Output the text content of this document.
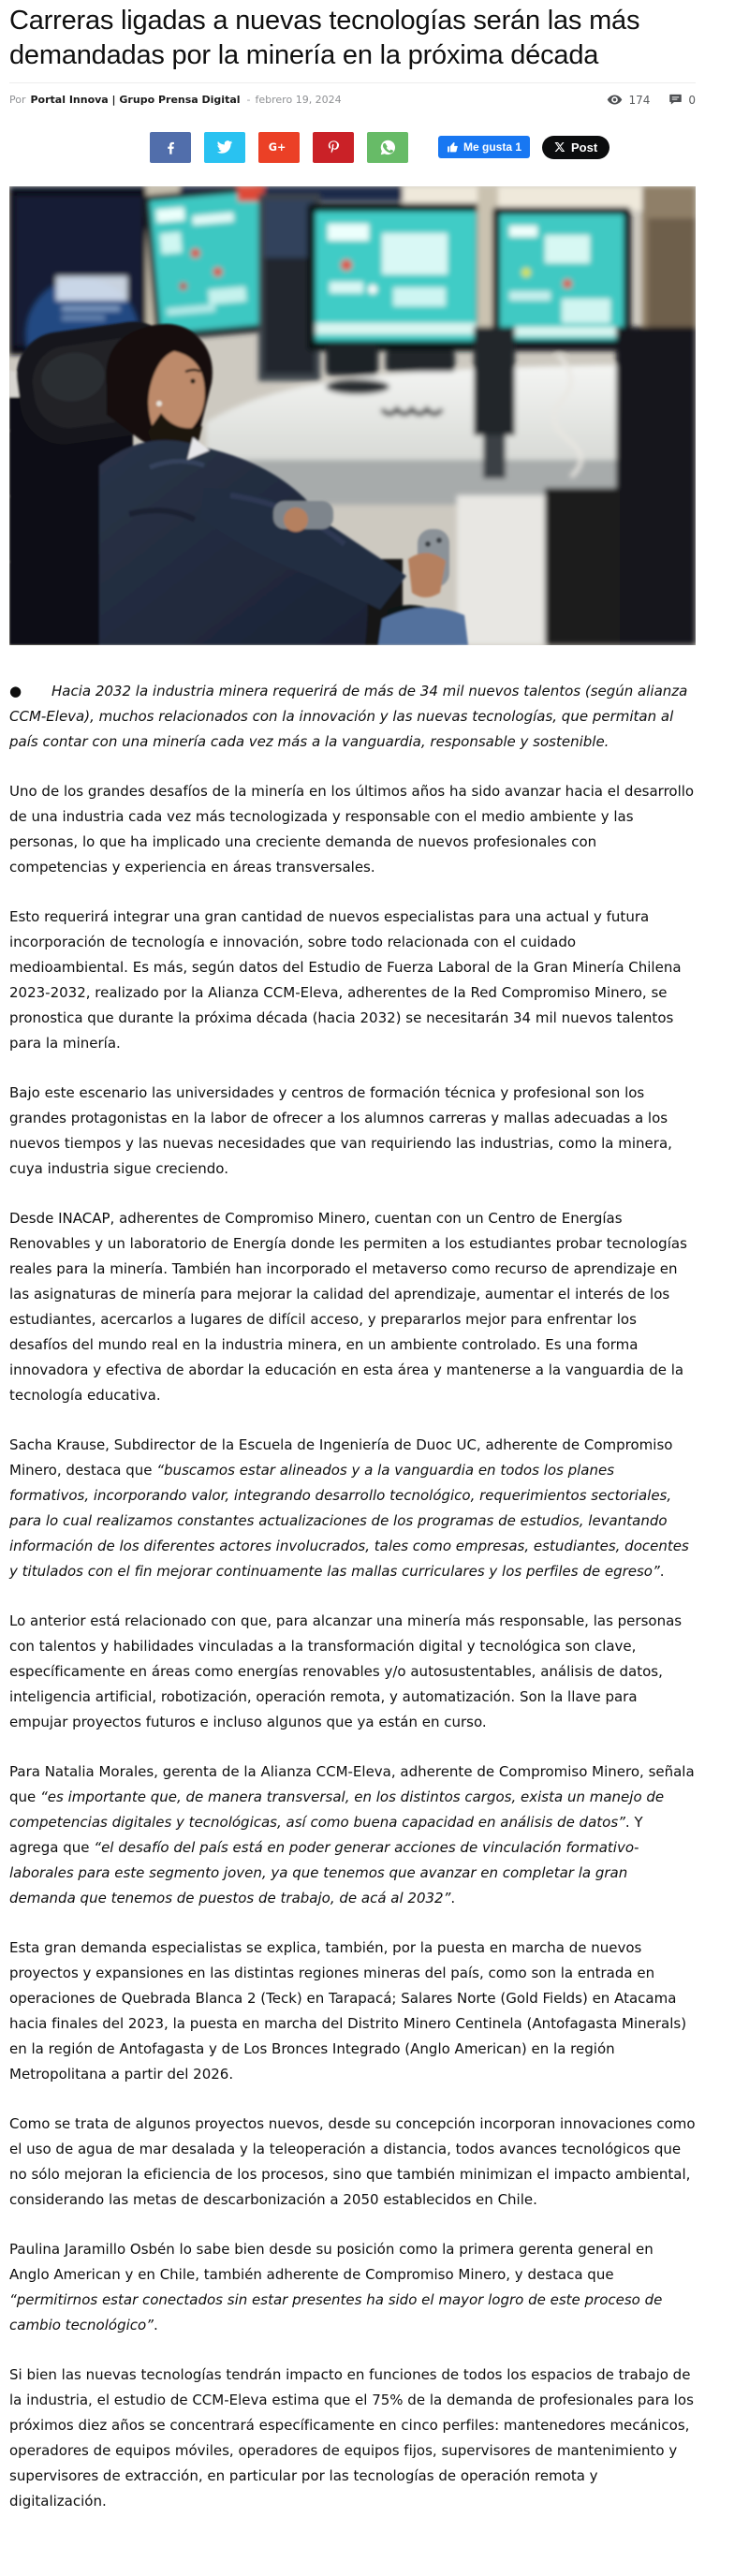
Carreras ligadas a nuevas tecnologías serán las más demandadas por la minería en la próxima década
Por Portal Innova | Grupo Prensa Digital - febrero 19, 2024	174	0
G+	Me gusta 1	Post

● Hacia 2032 la industria minera requerirá de más de 34 mil nuevos talentos (según alianza CCM-Eleva), muchos relacionados con la innovación y las nuevas tecnologías, que permitan al país contar con una minería cada vez más a la vanguardia, responsable y sostenible.

Uno de los grandes desafíos de la minería en los últimos años ha sido avanzar hacia el desarrollo de una industria cada vez más tecnologizada y responsable con el medio ambiente y las personas, lo que ha implicado una creciente demanda de nuevos profesionales con competencias y experiencia en áreas transversales.

Esto requerirá integrar una gran cantidad de nuevos especialistas para una actual y futura incorporación de tecnología e innovación, sobre todo relacionada con el cuidado medioambiental. Es más, según datos del Estudio de Fuerza Laboral de la Gran Minería Chilena 2023-2032, realizado por la Alianza CCM-Eleva, adherentes de la Red Compromiso Minero, se pronostica que durante la próxima década (hacia 2032) se necesitarán 34 mil nuevos talentos para la minería.

Bajo este escenario las universidades y centros de formación técnica y profesional son los grandes protagonistas en la labor de ofrecer a los alumnos carreras y mallas adecuadas a los nuevos tiempos y las nuevas necesidades que van requiriendo las industrias, como la minera, cuya industria sigue creciendo.

Desde INACAP, adherentes de Compromiso Minero, cuentan con un Centro de Energías Renovables y un laboratorio de Energía donde les permiten a los estudiantes probar tecnologías reales para la minería. También han incorporado el metaverso como recurso de aprendizaje en las asignaturas de minería para mejorar la calidad del aprendizaje, aumentar el interés de los estudiantes, acercarlos a lugares de difícil acceso, y prepararlos mejor para enfrentar los desafíos del mundo real en la industria minera, en un ambiente controlado. Es una forma innovadora y efectiva de abordar la educación en esta área y mantenerse a la vanguardia de la tecnología educativa.

Sacha Krause, Subdirector de la Escuela de Ingeniería de Duoc UC, adherente de Compromiso Minero, destaca que “buscamos estar alineados y a la vanguardia en todos los planes formativos, incorporando valor, integrando desarrollo tecnológico, requerimientos sectoriales, para lo cual realizamos constantes actualizaciones de los programas de estudios, levantando información de los diferentes actores involucrados, tales como empresas, estudiantes, docentes y titulados con el fin mejorar continuamente las mallas curriculares y los perfiles de egreso”.

Lo anterior está relacionado con que, para alcanzar una minería más responsable, las personas con talentos y habilidades vinculadas a la transformación digital y tecnológica son clave, específicamente en áreas como energías renovables y/o autosustentables, análisis de datos, inteligencia artificial, robotización, operación remota, y automatización. Son la llave para empujar proyectos futuros e incluso algunos que ya están en curso.

Para Natalia Morales, gerenta de la Alianza CCM-Eleva, adherente de Compromiso Minero, señala que “es importante que, de manera transversal, en los distintos cargos, exista un manejo de competencias digitales y tecnológicas, así como buena capacidad en análisis de datos”. Y agrega que “el desafío del país está en poder generar acciones de vinculación formativo-laborales para este segmento joven, ya que tenemos que avanzar en completar la gran demanda que tenemos de puestos de trabajo, de acá al 2032”.

Esta gran demanda especialistas se explica, también, por la puesta en marcha de nuevos proyectos y expansiones en las distintas regiones mineras del país, como son la entrada en operaciones de Quebrada Blanca 2 (Teck) en Tarapacá; Salares Norte (Gold Fields) en Atacama hacia finales del 2023, la puesta en marcha del Distrito Minero Centinela (Antofagasta Minerals) en la región de Antofagasta y de Los Bronces Integrado (Anglo American) en la región Metropolitana a partir del 2026.

Como se trata de algunos proyectos nuevos, desde su concepción incorporan innovaciones como el uso de agua de mar desalada y la teleoperación a distancia, todos avances tecnológicos que no sólo mejoran la eficiencia de los procesos, sino que también minimizan el impacto ambiental, considerando las metas de descarbonización a 2050 establecidos en Chile.

Paulina Jaramillo Osbén lo sabe bien desde su posición como la primera gerenta general en Anglo American y en Chile, también adherente de Compromiso Minero, y destaca que “permitirnos estar conectados sin estar presentes ha sido el mayor logro de este proceso de cambio tecnológico”.

Si bien las nuevas tecnologías tendrán impacto en funciones de todos los espacios de trabajo de la industria, el estudio de CCM-Eleva estima que el 75% de la demanda de profesionales para los próximos diez años se concentrará específicamente en cinco perfiles: mantenedores mecánicos, operadores de equipos móviles, operadores de equipos fijos, supervisores de mantenimiento y supervisores de extracción, en particular por las tecnologías de operación remota y digitalización.
